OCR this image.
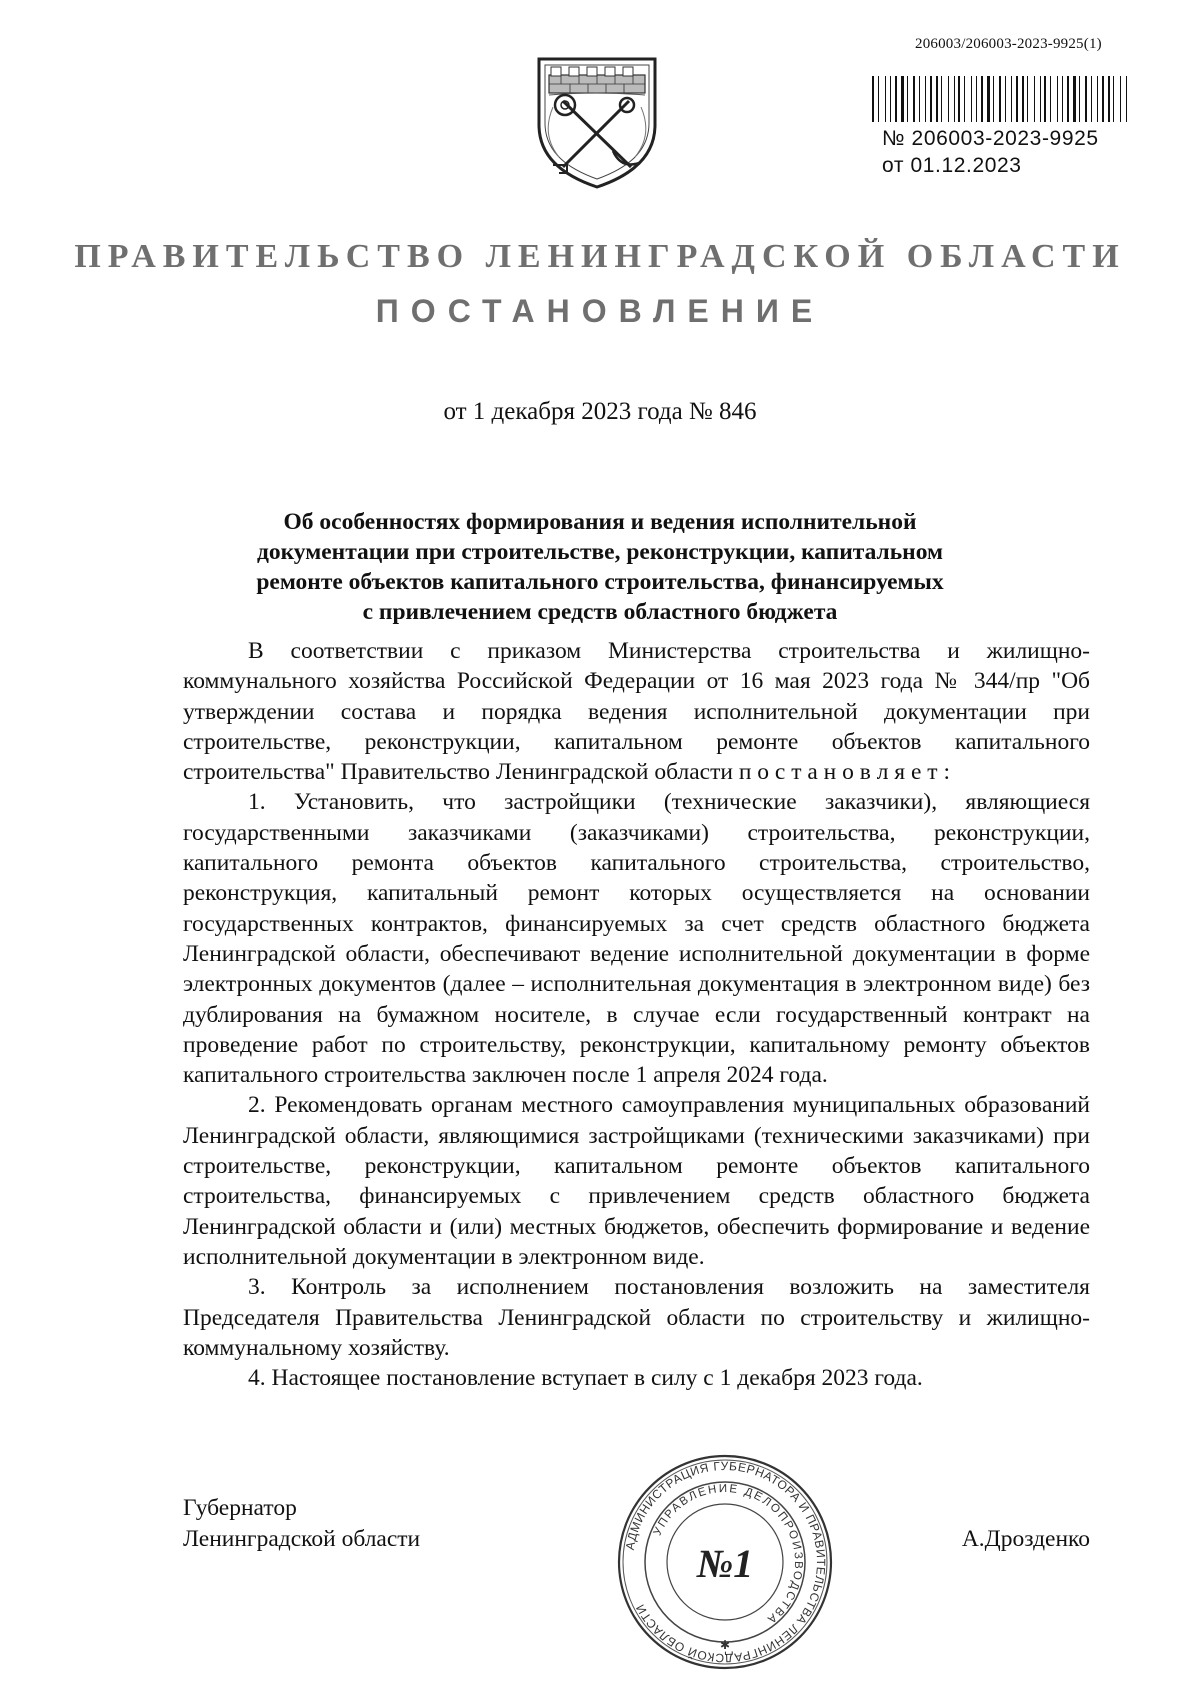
206003/206003-2023-9925(1)
№ 206003-2023-9925
от 01.12.2023
ПРАВИТЕЛЬСТВО ЛЕНИНГРАДСКОЙ ОБЛАСТИ
ПОСТАНОВЛЕНИЕ
от 1 декабря 2023 года № 846
Об особенностях формирования и ведения исполнительной
документации при строительстве, реконструкции, капитальном
ремонте объектов капитального строительства, финансируемых
с привлечением средств областного бюджета

В соответствии с приказом Министерства строительства и жилищно-коммунального хозяйства Российской Федерации от 16 мая 2023 года № 344/пр "Об утверждении состава и порядка ведения исполнительной документации при строительстве, реконструкции, капитальном ремонте объектов капитального строительства" Правительство Ленинградской области п о с т а н о в л я е т :

1. Установить, что застройщики (технические заказчики), являющиеся государственными заказчиками (заказчиками) строительства, реконструкции, капитального ремонта объектов капитального строительства, строительство, реконструкция, капитальный ремонт которых осуществляется на основании государственных контрактов, финансируемых за счет средств областного бюджета Ленинградской области, обеспечивают ведение исполнительной документации в форме электронных документов (далее – исполнительная документация в электронном виде) без дублирования на бумажном носителе, в случае если государственный контракт на проведение работ по строительству, реконструкции, капитальному ремонту объектов капитального строительства заключен после 1 апреля 2024 года.

2. Рекомендовать органам местного самоуправления муниципальных образований Ленинградской области, являющимися застройщиками (техническими заказчиками) при строительстве, реконструкции, капитальном ремонте объектов капитального строительства, финансируемых с привлечением средств областного бюджета Ленинградской области и (или) местных бюджетов, обеспечить формирование и ведение исполнительной документации в электронном виде.

3. Контроль за исполнением постановления возложить на заместителя Председателя Правительства Ленинградской области по строительству и жилищно-коммунальному хозяйству.

4. Настоящее постановление вступает в силу с 1 декабря 2023 года.

Губернатор
Ленинградской области	А.Дрозденко
АДМИНИСТРАЦИЯ ГУБЕРНАТОРА И ПРАВИТЕЛЬСТВА ЛЕНИНГРАДСКОЙ ОБЛАСТИ
УПРАВЛЕНИЕ ДЕЛОПРОИЗВОДСТВА
№1
✱
